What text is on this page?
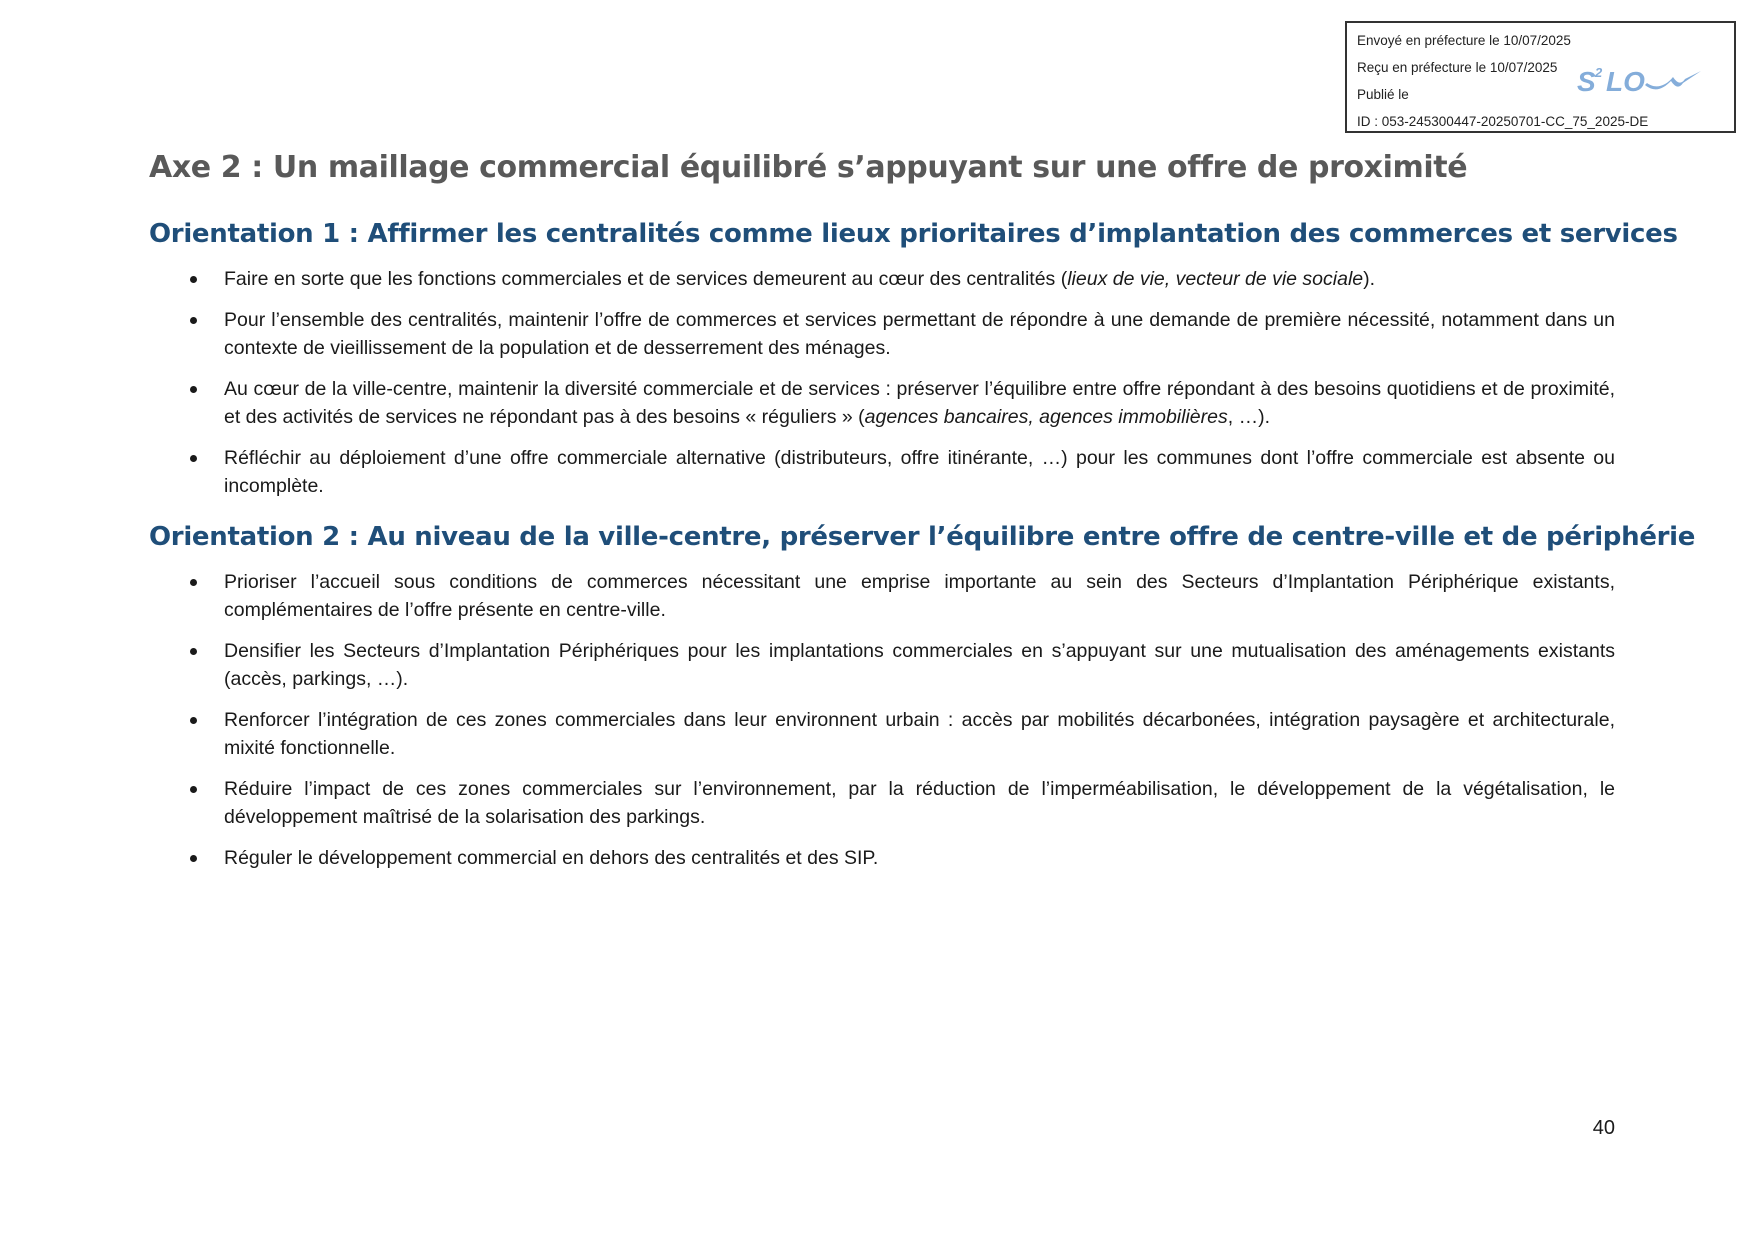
Envoyé en préfecture le 10/07/2025
Reçu en préfecture le 10/07/2025
Publié le
ID : 053-245300447-20250701-CC_75_2025-DE
S 2 LO
Axe 2 : Un maillage commercial équilibré s’appuyant sur une offre de proximité
Orientation 1 : Affirmer les centralités comme lieux prioritaires d’implantation des commerces et services
Faire en sorte que les fonctions commerciales et de services demeurent au cœur des centralités (lieux de vie, vecteur de vie sociale).
Pour l’ensemble des centralités, maintenir l’offre de commerces et services permettant de répondre à une demande de première nécessité, notamment dans un contexte de vieillissement de la population et de desserrement des ménages.
Au cœur de la ville-centre, maintenir la diversité commerciale et de services : préserver l’équilibre entre offre répondant à des besoins quotidiens et de proximité, et des activités de services ne répondant pas à des besoins « réguliers » (agences bancaires, agences immobilières, …).
Réfléchir au déploiement d’une offre commerciale alternative (distributeurs, offre itinérante, …) pour les communes dont l’offre commerciale est absente ou incomplète.
Orientation 2 : Au niveau de la ville-centre, préserver l’équilibre entre offre de centre-ville et de périphérie
Prioriser l’accueil sous conditions de commerces nécessitant une emprise importante au sein des Secteurs d’Implantation Périphérique existants, complémentaires de l’offre présente en centre-ville.
Densifier les Secteurs d’Implantation Périphériques pour les implantations commerciales en s’appuyant sur une mutualisation des aménagements existants (accès, parkings, …).
Renforcer l’intégration de ces zones commerciales dans leur environnent urbain : accès par mobilités décarbonées, intégration paysagère et architecturale, mixité fonctionnelle.
Réduire l’impact de ces zones commerciales sur l’environnement, par la réduction de l’imperméabilisation, le développement de la végétalisation, le développement maîtrisé de la solarisation des parkings.
Réguler le développement commercial en dehors des centralités et des SIP.
40
